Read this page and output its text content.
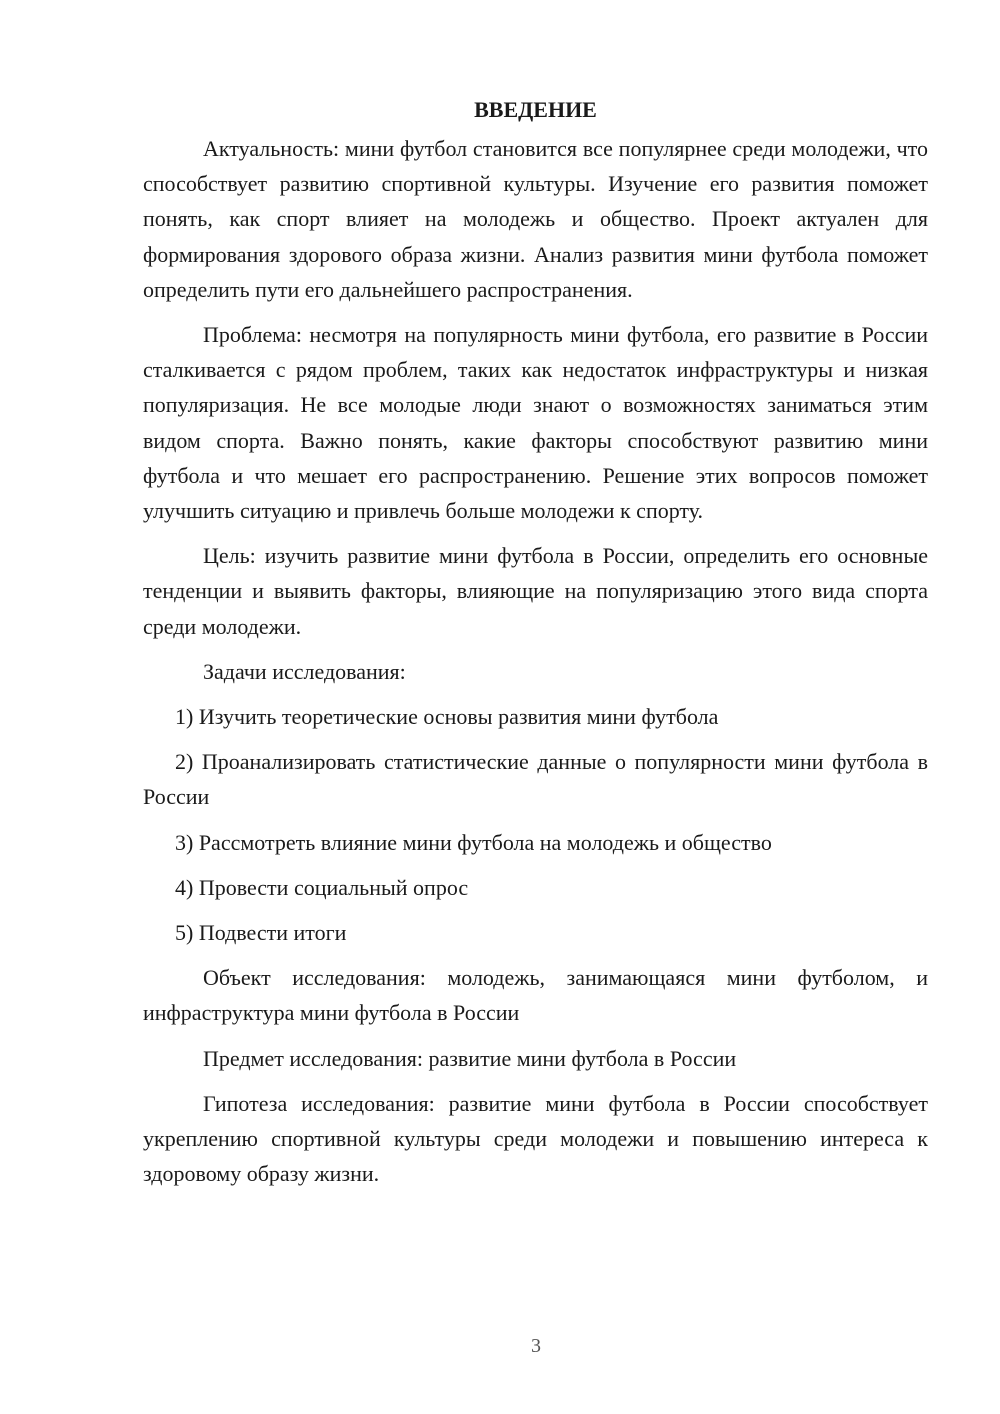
ВВЕДЕНИЕ

Актуальность: мини футбол становится все популярнее среди молодежи, что способствует развитию спортивной культуры. Изучение его развития поможет понять, как спорт влияет на молодежь и общество. Проект актуален для формирования здорового образа жизни. Анализ развития мини футбола поможет определить пути его дальнейшего распространения.

Проблема: несмотря на популярность мини футбола, его развитие в России сталкивается с рядом проблем, таких как недостаток инфраструктуры и низкая популяризация. Не все молодые люди знают о возможностях заниматься этим видом спорта. Важно понять, какие факторы способствуют развитию мини футбола и что мешает его распространению. Решение этих вопросов поможет улучшить ситуацию и привлечь больше молодежи к спорту.

Цель: изучить развитие мини футбола в России, определить его основные тенденции и выявить факторы, влияющие на популяризацию этого вида спорта среди молодежи.

Задачи исследования:

1) Изучить теоретические основы развития мини футбола

2) Проанализировать статистические данные о популярности мини футбола в России

3) Рассмотреть влияние мини футбола на молодежь и общество

4) Провести социальный опрос

5) Подвести итоги

Объект исследования: молодежь, занимающаяся мини футболом, и инфраструктура мини футбола в России

Предмет исследования: развитие мини футбола в России

Гипотеза исследования: развитие мини футбола в России способствует укреплению спортивной культуры среди молодежи и повышению интереса к здоровому образу жизни.

3
